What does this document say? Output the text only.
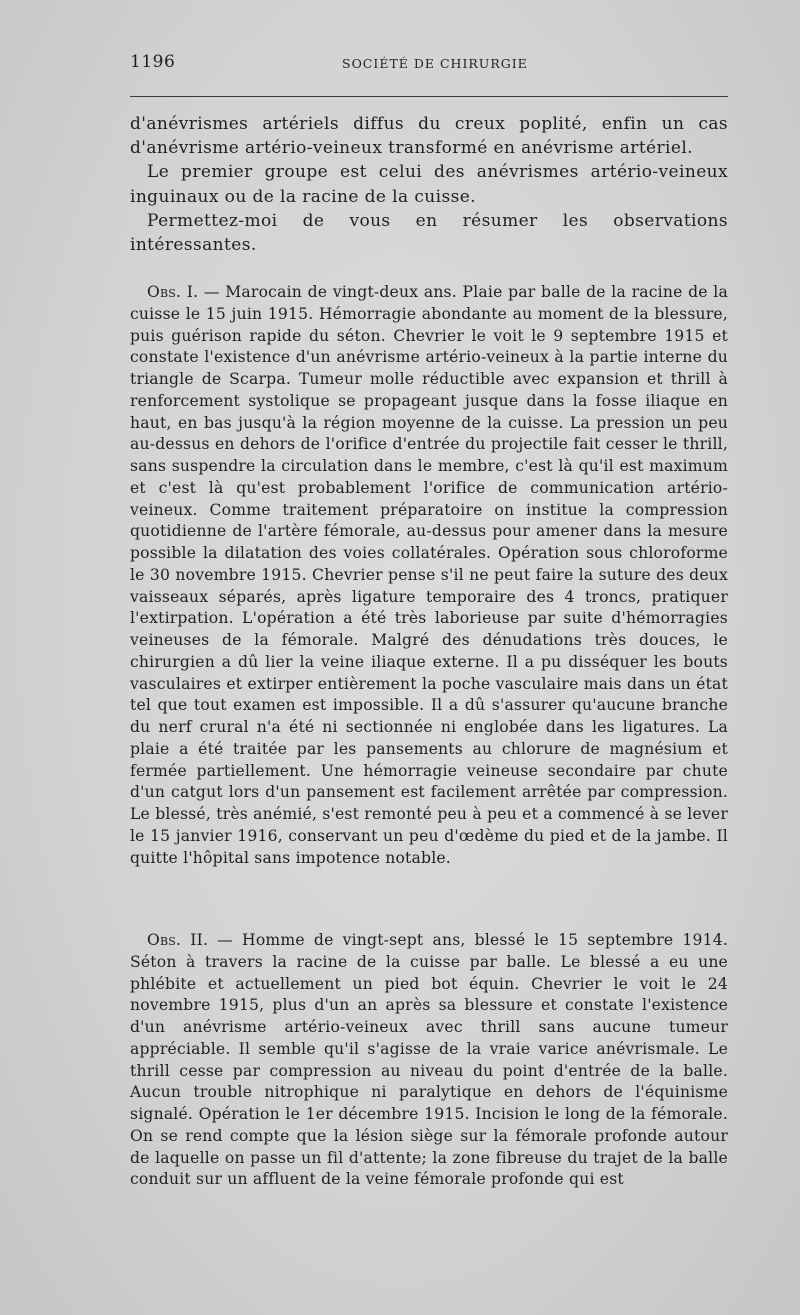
1196	SOCIÉTÉ DE CHIRURGIE

d'anévrismes artériels diffus du creux poplité, enfin un cas d'anévrisme artério-veineux transformé en anévrisme artériel.

Le premier groupe est celui des anévrismes artério-veineux inguinaux ou de la racine de la cuisse.

Permettez-moi de vous en résumer les observations intéressantes.

Obs. I. — Marocain de vingt-deux ans. Plaie par balle de la racine de la cuisse le 15 juin 1915. Hémorragie abondante au moment de la blessure, puis guérison rapide du séton. Chevrier le voit le 9 septembre 1915 et constate l'existence d'un anévrisme artério-veineux à la partie interne du triangle de Scarpa. Tumeur molle réductible avec expansion et thrill à renforcement systolique se propageant jusque dans la fosse iliaque en haut, en bas jusqu'à la région moyenne de la cuisse. La pression un peu au-dessus en dehors de l'orifice d'entrée du projectile fait cesser le thrill, sans suspendre la circulation dans le membre, c'est là qu'il est maximum et c'est là qu'est probablement l'orifice de communication artério-veineux. Comme traitement préparatoire on institue la compression quotidienne de l'artère fémorale, au-dessus pour amener dans la mesure possible la dilatation des voies collatérales. Opération sous chloroforme le 30 novembre 1915. Chevrier pense s'il ne peut faire la suture des deux vaisseaux séparés, après ligature temporaire des 4 troncs, pratiquer l'extirpation. L'opération a été très laborieuse par suite d'hémorragies veineuses de la fémorale. Malgré des dénudations très douces, le chirurgien a dû lier la veine iliaque externe. Il a pu disséquer les bouts vasculaires et extirper entièrement la poche vasculaire mais dans un état tel que tout examen est impossible. Il a dû s'assurer qu'aucune branche du nerf crural n'a été ni sectionnée ni englobée dans les ligatures. La plaie a été traitée par les pansements au chlorure de magnésium et fermée partiellement. Une hémorragie veineuse secondaire par chute d'un catgut lors d'un pansement est facilement arrêtée par compression. Le blessé, très anémié, s'est remonté peu à peu et a commencé à se lever le 15 janvier 1916, conservant un peu d'œdème du pied et de la jambe. Il quitte l'hôpital sans impotence notable.

Obs. II. — Homme de vingt-sept ans, blessé le 15 septembre 1914. Séton à travers la racine de la cuisse par balle. Le blessé a eu une phlébite et actuellement un pied bot équin. Chevrier le voit le 24 novembre 1915, plus d'un an après sa blessure et constate l'existence d'un anévrisme artério-veineux avec thrill sans aucune tumeur appréciable. Il semble qu'il s'agisse de la vraie varice anévrismale. Le thrill cesse par compression au niveau du point d'entrée de la balle. Aucun trouble nitrophique ni paralytique en dehors de l'équinisme signalé. Opération le 1er décembre 1915. Incision le long de la fémorale. On se rend compte que la lésion siège sur la fémorale profonde autour de laquelle on passe un fil d'attente; la zone fibreuse du trajet de la balle conduit sur un affluent de la veine fémorale profonde qui est
